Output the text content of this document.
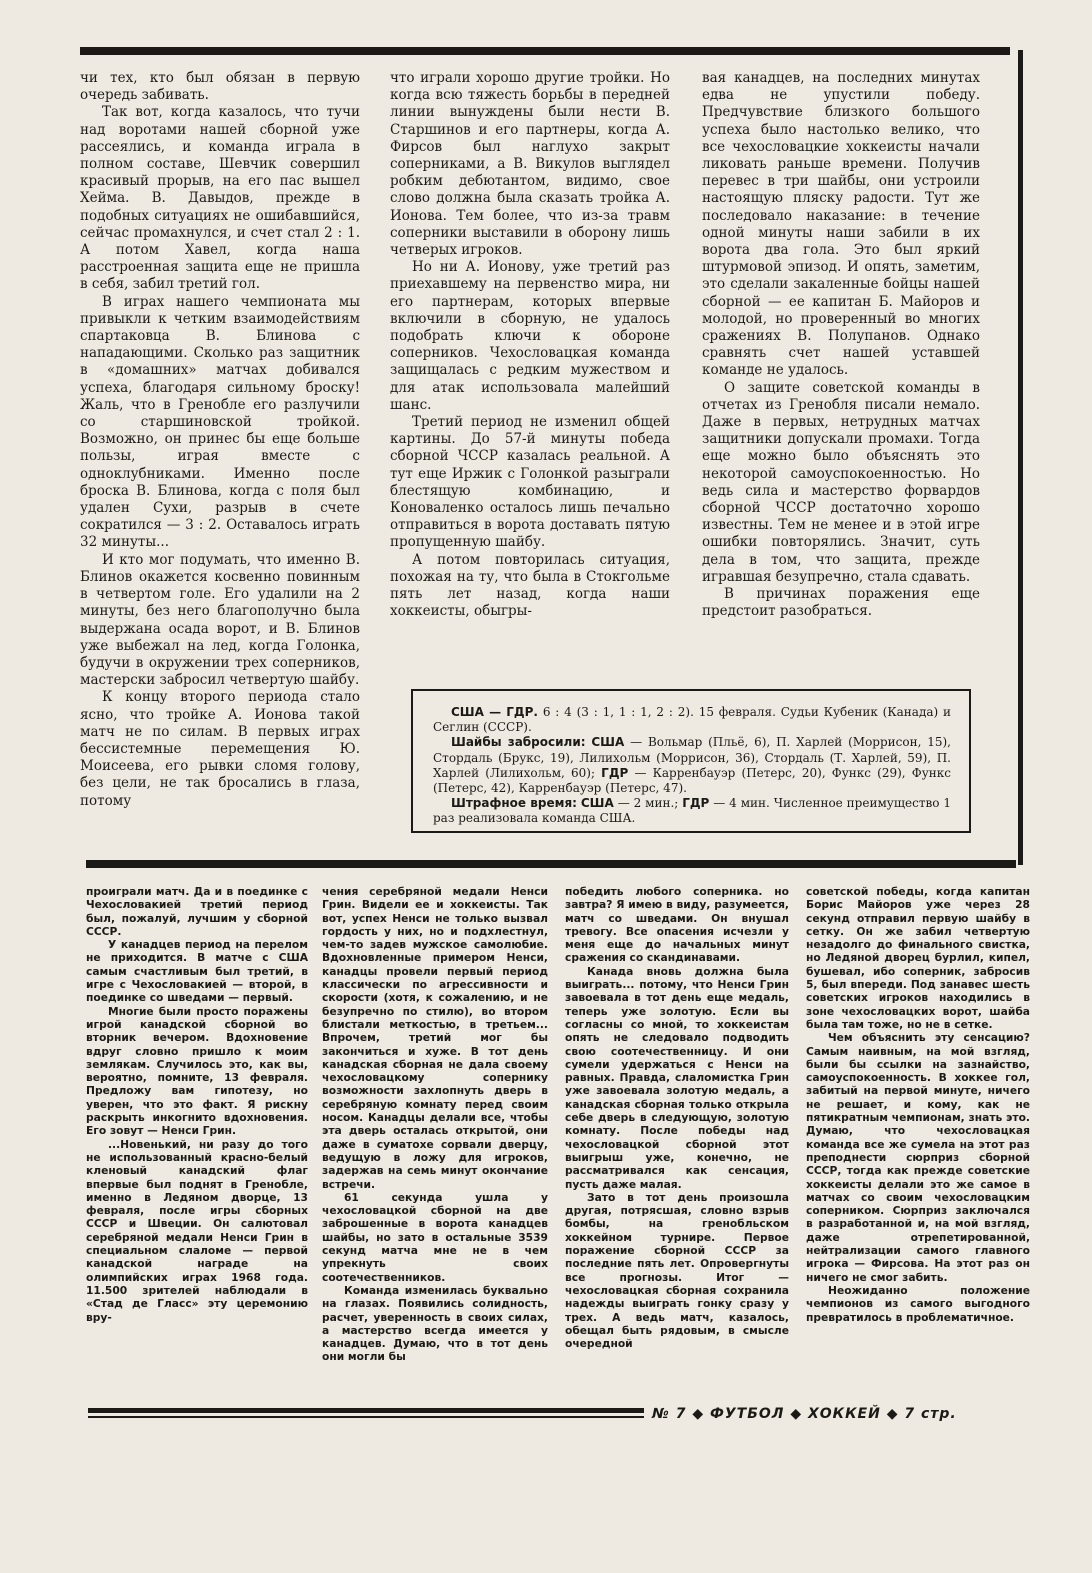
чи тех, кто был обязан в первую очередь забивать.

Так вот, когда казалось, что тучи над воротами нашей сборной уже рассеялись, и команда играла в полном составе, Шевчик совершил красивый прорыв, на его пас вышел Хейма. В. Давыдов, прежде в подобных ситуациях не ошибавшийся, сейчас промахнулся, и счет стал 2 : 1. А потом Хавел, когда наша расстроенная защита еще не пришла в себя, забил третий гол.

В играх нашего чемпионата мы привыкли к четким взаимодействиям спартаковца В. Блинова с нападающими. Сколько раз защитник в «домашних» матчах добивался успеха, благодаря сильному броску! Жаль, что в Гренобле его разлучили со старшиновской тройкой. Возможно, он принес бы еще больше пользы, играя вместе с одноклубниками. Именно после броска В. Блинова, когда с поля был удален Сухи, разрыв в счете сократился — 3 : 2. Оставалось играть 32 минуты...

И кто мог подумать, что именно В. Блинов окажется косвенно повинным в четвертом голе. Его удалили на 2 минуты, без него благополучно была выдержана осада ворот, и В. Блинов уже выбежал на лед, когда Голонка, будучи в окружении трех соперников, мастерски забросил четвертую шайбу.

К концу второго периода стало ясно, что тройке А. Ионова такой матч не по силам. В первых играх бессистемные перемещения Ю. Моисеева, его рывки сломя голову, без цели, не так бросались в глаза, потому

что играли хорошо другие тройки. Но когда всю тяжесть борьбы в передней линии вынуждены были нести В. Старшинов и его партнеры, когда А. Фирсов был наглухо закрыт соперниками, а В. Викулов выглядел робким дебютантом, видимо, свое слово должна была сказать тройка А. Ионова. Тем более, что из-за травм соперники выставили в оборону лишь четверых игроков.

Но ни А. Ионову, уже третий раз приехавшему на первенство мира, ни его партнерам, которых впервые включили в сборную, не удалось подобрать ключи к обороне соперников. Чехословацкая команда защищалась с редким мужеством и для атак использовала малейший шанс.

Третий период не изменил общей картины. До 57-й минуты победа сборной ЧССР казалась реальной. А тут еще Иржик с Голонкой разыграли блестящую комбинацию, и Коноваленко осталось лишь печально отправиться в ворота доставать пятую пропущенную шайбу.

А потом повторилась ситуация, похожая на ту, что была в Стокгольме пять лет назад, когда наши хоккеисты, обыгры-

вая канадцев, на последних минутах едва не упустили победу. Предчувствие близкого большого успеха было настолько велико, что все чехословацкие хоккеисты начали ликовать раньше времени. Получив перевес в три шайбы, они устроили настоящую пляску радости. Тут же последовало наказание: в течение одной минуты наши забили в их ворота два гола. Это был яркий штурмовой эпизод. И опять, заметим, это сделали закаленные бойцы нашей сборной — ее капитан Б. Майоров и молодой, но проверенный во многих сражениях В. Полупанов. Однако сравнять счет нашей уставшей команде не удалось.

О защите советской команды в отчетах из Гренобля писали немало. Даже в первых, нетрудных матчах защитники допускали промахи. Тогда еще можно было объяснять это некоторой самоуспокоенностью. Но ведь сила и мастерство форвардов сборной ЧССР достаточно хорошо известны. Тем не менее и в этой игре ошибки повторялись. Значит, суть дела в том, что защита, прежде игравшая безупречно, стала сдавать.

В причинах поражения еще предстоит разобраться.

США — ГДР. 6 : 4 (3 : 1, 1 : 1, 2 : 2). 15 февраля. Судьи Кубеник (Канада) и Сеглин (СССР).

Шайбы забросили: США — Вольмар (Пльё, 6), П. Харлей (Моррисон, 15), Стордаль (Брукс, 19), Лилихольм (Моррисон, 36), Стордаль (Т. Харлей, 59), П. Харлей (Лилихольм, 60); ГДР — Карренбауэр (Петерс, 20), Функс (29), Функс (Петерс, 42), Карренбауэр (Петерс, 47).

Штрафное время: США — 2 мин.; ГДР — 4 мин. Численное преимущество 1 раз реализовала команда США.

проиграли матч. Да и в поединке с Чехословакией третий период был, пожалуй, лучшим у сборной СССР.

У канадцев период на перелом не приходится. В матче с США самым счастливым был третий, в игре с Чехословакией — второй, в поединке со шведами — первый.

Многие были просто поражены игрой канадской сборной во вторник вечером. Вдохновение вдруг словно пришло к моим землякам. Случилось это, как вы, вероятно, помните, 13 февраля. Предложу вам гипотезу, но уверен, что это факт. Я рискну раскрыть инкогнито вдохновения. Его зовут — Ненси Грин.

...Новенький, ни разу до того не использованный красно-белый кленовый канадский флаг впервые был поднят в Гренобле, именно в Ледяном дворце, 13 февраля, после игры сборных СССР и Швеции. Он салютовал серебряной медали Ненси Грин в специальном слаломе — первой канадской награде на олимпийских играх 1968 года. 11.500 зрителей наблюдали в «Стад де Гласс» эту церемонию вру-

чения серебряной медали Ненси Грин. Видели ее и хоккеисты. Так вот, успех Ненси не только вызвал гордость у них, но и подхлестнул, чем-то задев мужское самолюбие. Вдохновленные примером Ненси, канадцы провели первый период классически по агрессивности и скорости (хотя, к сожалению, и не безупречно по стилю), во втором блистали меткостью, в третьем... Впрочем, третий мог бы закончиться и хуже. В тот день канадская сборная не дала своему чехословацкому сопернику возможности захлопнуть дверь в серебряную комнату перед своим носом. Канадцы делали все, чтобы эта дверь осталась открытой, они даже в суматохе сорвали дверцу, ведущую в ложу для игроков, задержав на семь минут окончание встречи.

61 секунда ушла у чехословацкой сборной на две заброшенные в ворота канадцев шайбы, но зато в остальные 3539 секунд матча мне не в чем упрекнуть своих соотечественников.

Команда изменилась буквально на глазах. Появились солидность, расчет, уверенность в своих силах, а мастерство всегда имеется у канадцев. Думаю, что в тот день они могли бы

победить любого соперника. но завтра? Я имею в виду, разумеется, матч со шведами. Он внушал тревогу. Все опасения исчезли у меня еще до начальных минут сражения со скандинавами.

Канада вновь должна была выиграть... потому, что Ненси Грин завоевала в тот день еще медаль, теперь уже золотую. Если вы согласны со мной, то хоккеистам опять не следовало подводить свою соотечественницу. И они сумели удержаться с Ненси на равных. Правда, слаломистка Грин уже завоевала золотую медаль, а канадская сборная только открыла себе дверь в следующую, золотую комнату. После победы над чехословацкой сборной этот выигрыш уже, конечно, не рассматривался как сенсация, пусть даже малая.

Зато в тот день произошла другая, потрясшая, словно взрыв бомбы, на гренобльском хоккейном турнире. Первое поражение сборной СССР за последние пять лет. Опровергнуты все прогнозы. Итог — чехословацкая сборная сохранила надежды выиграть гонку сразу у трех. А ведь матч, казалось, обещал быть рядовым, в смысле очередной

советской победы, когда капитан Борис Майоров уже через 28 секунд отправил первую шайбу в сетку. Он же забил четвертую незадолго до финального свистка, но Ледяной дворец бурлил, кипел, бушевал, ибо соперник, забросив 5, был впереди. Под занавес шесть советских игроков находились в зоне чехословацких ворот, шайба была там тоже, но не в сетке.

Чем объяснить эту сенсацию? Самым наивным, на мой взгляд, были бы ссылки на зазнайство, самоуспокоенность. В хоккее гол, забитый на первой минуте, ничего не решает, и кому, как не пятикратным чемпионам, знать это. Думаю, что чехословацкая команда все же сумела на этот раз преподнести сюрприз сборной СССР, тогда как прежде советские хоккеисты делали это же самое в матчах со своим чехословацким соперником. Сюрприз заключался в разработанной и, на мой взгляд, даже отрепетированной, нейтрализации самого главного игрока — Фирсова. На этот раз он ничего не смог забить.

Неожиданно положение чемпионов из самого выгодного превратилось в проблематичное.

№ 7 ◆ ФУТБОЛ ◆ ХОККЕЙ ◆ 7 стр.
